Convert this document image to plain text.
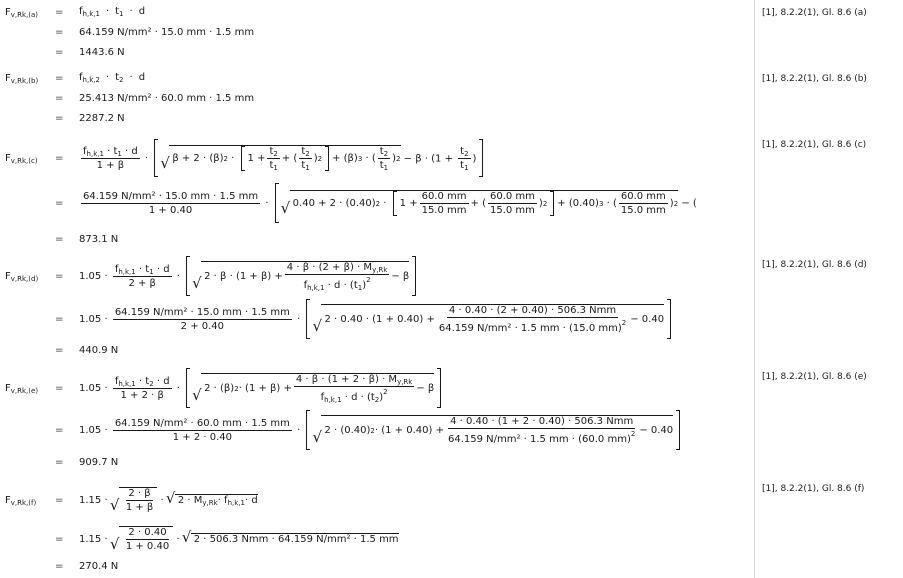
$F_{v,Rk,(a)} = f_{h,k,1} \cdot t_1 \cdot d$	[1], 8.2.2(1), Gl. 8.6 (a)
= 64.159 N/mm² · 15.0 mm · 1.5 mm
= 1443.6 N
$F_{v,Rk,(b)} = f_{h,k,2} \cdot t_2 \cdot d$	[1], 8.2.2(1), Gl. 8.6 (b)
= 25.413 N/mm² · 60.0 mm · 1.5 mm
= 2287.2 N
$F_{v,Rk,(c)} = \frac{f_{h,k,1} \cdot t_1 \cdot d}{1 + \beta}$ ·	√ β + 2 · (β) 2 ·
$1 + \frac{t_2}{t_1}$ + ( $\frac{t_2}{t_1}$ ) 2 + (β) 3 · ( $\frac{t_2}{t_1}$ ) $2 - \beta \cdot (1 + \frac{t_2}{t_1}$ )
[1], 8.2.2(1), Gl. 8.6 (c)
= $\frac{\text{64.159 N/mm² · 15.0 mm · 1.5 mm}}{1 + 0.40}$ ·	√ 0.40 + 2 · (0.40) 2 ·
$1 + \frac{60.0 mm}{15.0 mm}$ + ( $\frac{60.0 mm}{15.0 mm}$ ) 2 + (0.40) 3 · ( $\frac{60.0 mm}{15.0 mm}$ ) 2 − (
= 873.1 N
$F_{v,Rk,(d)} = 1.05 \cdot \frac{f_{h,k,1} \cdot t_1 \cdot d}{2 + \beta}$ ·	√ $2 \cdot \beta \cdot (1 + \beta) + \frac{4 \cdot \beta \cdot (2 + \beta) \cdot M_{y,Rk}}{f_{h,k,1} \cdot d \cdot (t_1)^2} - \beta$
[1], 8.2.2(1), Gl. 8.6 (d)
= $1.05 \cdot \frac{\text{64.159 N/mm² · 15.0 mm · 1.5 mm}}{2 + 0.40}$ ·	√ $2 \cdot 0.40 \cdot (1 + 0.40) + \frac{\text{4 · 0.40 · (2 + 0.40) · 506.3 Nmm}}{64.159 N/mm^2 \cdot 1.5 mm \cdot (15.0 mm)^2} - 0.40$
= 440.9 N
$F_{v,Rk,(e)} = 1.05 \cdot \frac{f_{h,k,1} \cdot t_2 \cdot d}{1 + 2 \cdot \beta}$ ·	√ 2 · (β) $2 \cdot (1 + \beta) + \frac{4 \cdot \beta \cdot (1 + 2 \cdot \beta) \cdot M_{y,Rk}}{f_{h,k,1} \cdot d \cdot (t_2)^2} - \beta$
[1], 8.2.2(1), Gl. 8.6 (e)
= $1.05 \cdot \frac{\text{64.159 N/mm² · 60.0 mm · 1.5 mm}}{1 + 2 \cdot 0.40}$ ·	√ 2 · (0.40) $2 \cdot (1 + 0.40) + \frac{\text{4 · 0.40 · (1 + 2 · 0.40) · 506.3 Nmm}}{64.159 N/mm^2 \cdot 1.5 mm \cdot (60.0 mm)^2} - 0.40$
= 909.7 N
$F_{v,Rk,(f)} = 1.15$ · √ $\frac{2 \cdot \beta}{1 + \beta}$ ·	√ $2 \cdot M_{y,Rk} \cdot f_{h,k,1} \cdot d$
[1], 8.2.2(1), Gl. 8.6 (f)
= 1.15 · √ $\frac{2 \cdot 0.40}{1 + 0.40}$ ·	√ 2 · 506.3 Nmm · 64.159 N/mm² · 1.5 mm
= 270.4 N
